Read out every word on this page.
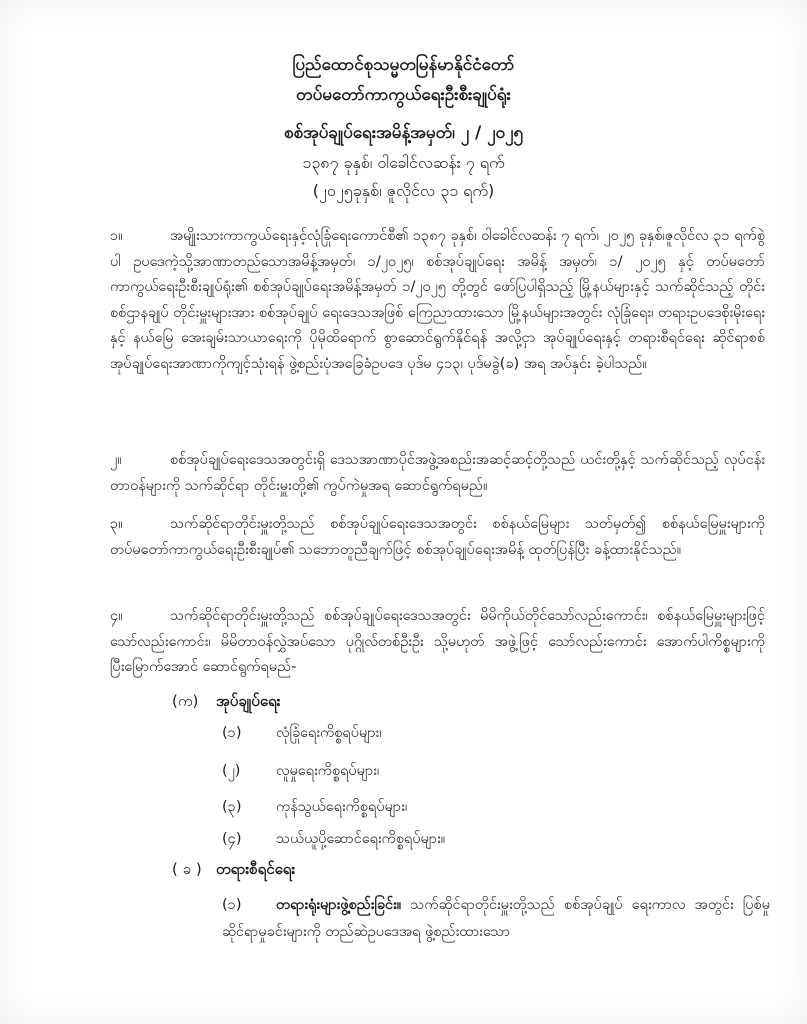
ပြည်ထောင်စုသမ္မတမြန်မာနိုင်ငံတော်
တပ်မတော်ကာကွယ်ရေးဦးစီးချုပ်ရုံး
စစ်အုပ်ချုပ်ရေးအမိန့်အမှတ်၊ ၂ / ၂၀၂၅
၁၃၈၇ ခုနှစ်၊ ဝါခေါင်လဆန်း ၇ ရက်
(၂၀၂၅ခုနှစ်၊ ဇူလိုင်လ ၃၁ ရက်)
၁။	အမျိုးသားကာကွယ်ရေးနှင့်လုံခြုံရေးကောင်စီ၏ ၁၃၈၇ ခုနှစ်၊ ဝါခေါင်လဆန်း ၇ ရက်၊ ၂၀၂၅ ခုနှစ်၊ဇူလိုင်လ ၃၁ ရက်စွဲပါ ဥပဒေကဲ့သို့အာဏာတည်သောအမိန့်အမှတ်၊ ၁/၂၀၂၅၊ စစ်အုပ်ချုပ်ရေး အမိန့် အမှတ်၊ ၁/ ၂၀၂၅ နှင့် တပ်မတော်ကာကွယ်ရေးဦးစီးချုပ်ရုံး၏ စစ်အုပ်ချုပ်ရေးအမိန့်အမှတ် ၁/၂၀၂၅ တို့တွင် ဖော်ပြပါရှိသည့် မြို့နယ်များနှင့် သက်ဆိုင်သည့် တိုင်းစစ်ဌာနချုပ် တိုင်းမှူးများအား စစ်အုပ်ချုပ် ရေးဒေသအဖြစ် ကြေညာထားသော မြို့နယ်များအတွင်း လုံခြုံရေး၊ တရားဥပဒေစိုးမိုးရေးနှင့် နယ်မြေ အေးချမ်းသာယာရေးကို ပိုမိုထိရောက် စွာဆောင်ရွက်နိုင်ရန် အလို့ငှာ အုပ်ချုပ်ရေးနှင့် တရားစီရင်ရေး ဆိုင်ရာစစ်အုပ်ချုပ်ရေးအာဏာကိုကျင့်သုံးရန် ဖွဲ့စည်းပုံအခြေခံဥပဒေ ပုဒ်မ ၄၁၃၊ ပုဒ်မခွဲ(ခ) အရ အပ်နှင်း ခဲ့ပါသည်။
၂။	စစ်အုပ်ချုပ်ရေးဒေသအတွင်းရှိ ဒေသအာဏာပိုင်အဖွဲ့အစည်းအဆင့်ဆင့်တို့သည် ယင်းတို့နှင့် သက်ဆိုင်သည့် လုပ်ငန်းတာဝန်များကို သက်ဆိုင်ရာ တိုင်းမှူးတို့၏ ကွပ်ကဲမှုအရ ဆောင်ရွက်ရမည်။
၃။	သက်ဆိုင်ရာတိုင်းမှူးတို့သည် စစ်အုပ်ချုပ်ရေးဒေသအတွင်း စစ်နယ်မြေများ သတ်မှတ်၍ စစ်နယ်မြေမှူးများကို တပ်မတော်ကာကွယ်ရေးဦးစီးချုပ်၏ သဘောတူညီချက်ဖြင့် စစ်အုပ်ချုပ်ရေးအမိန့် ထုတ်ပြန်ပြီး ခန့်ထားနိုင်သည်။
၄။	သက်ဆိုင်ရာတိုင်းမှူးတို့သည် စစ်အုပ်ချုပ်ရေးဒေသအတွင်း မိမိကိုယ်တိုင်သော်လည်းကောင်း၊ စစ်နယ်မြေမှူးများဖြင့်သော်လည်းကောင်း၊ မိမိတာဝန်လွှဲအပ်သော ပုဂ္ဂိုလ်တစ်ဦးဦး သို့မဟုတ် အဖွဲ့ဖြင့် သော်လည်းကောင်း အောက်ပါကိစ္စများကို ပြီးမြောက်အောင် ဆောင်ရွက်ရမည်-
(က) အုပ်ချုပ်ရေး
(၁) လုံခြုံရေးကိစ္စရပ်များ၊
(၂) လူမှုရေးကိစ္စရပ်များ၊
(၃) ကုန်သွယ်ရေးကိစ္စရပ်များ၊
(၄) သယ်ယူပို့ဆောင်ရေးကိစ္စရပ်များ။
( ခ ) တရားစီရင်ရေး
(၁) တရားရုံးများဖွဲ့စည်းခြင်း။ သက်ဆိုင်ရာတိုင်းမှူးတို့သည် စစ်အုပ်ချုပ် ရေးကာလ အတွင်း ပြစ်မှုဆိုင်ရာမှုခင်းများကို တည်ဆဲဥပဒေအရ ဖွဲ့စည်းထားသော
